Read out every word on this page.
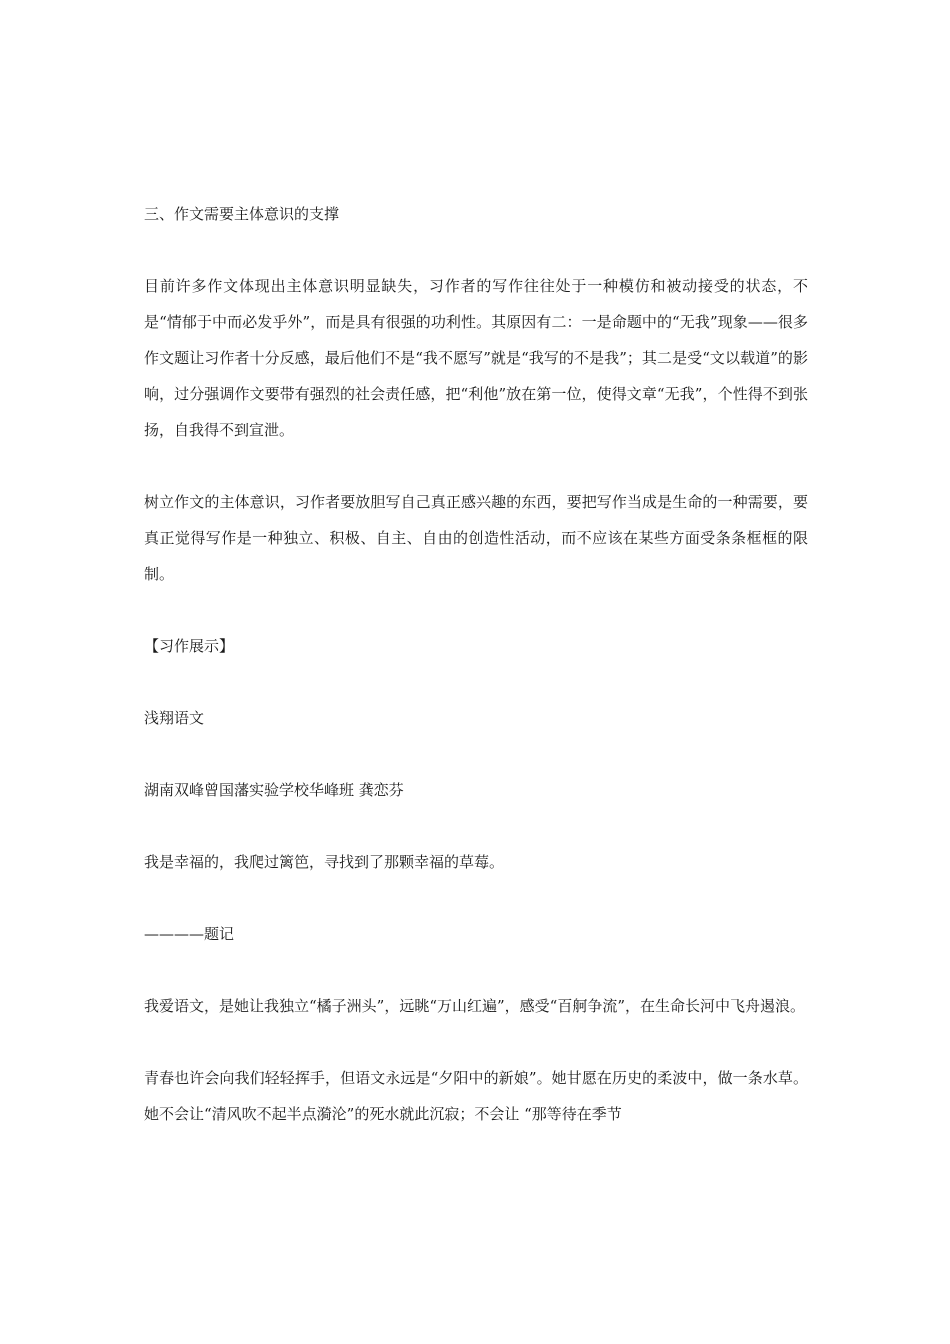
三、作文需要主体意识的支撑

目前许多作文体现出主体意识明显缺失，习作者的写作往往处于一种模仿和被动接受的状态，不是“情郁于中而必发乎外”，而是具有很强的功利性。其原因有二：一是命题中的“无我”现象——很多作文题让习作者十分反感，最后他们不是“我不愿写”就是“我写的不是我”；其二是受“文以载道”的影响，过分强调作文要带有强烈的社会责任感，把“利他”放在第一位，使得文章“无我”，个性得不到张扬，自我得不到宣泄。

树立作文的主体意识，习作者要放胆写自己真正感兴趣的东西，要把写作当成是生命的一种需要，要真正觉得写作是一种独立、积极、自主、自由的创造性活动，而不应该在某些方面受条条框框的限制。

【习作展示】

浅翔语文

湖南双峰曾国藩实验学校华峰班 龚恋芬

我是幸福的，我爬过篱笆，寻找到了那颗幸福的草莓。

————题记

我爱语文，是她让我独立“橘子洲头”，远眺“万山红遍”，感受“百舸争流”，在生命长河中飞舟遏浪。

青春也许会向我们轻轻挥手，但语文永远是“夕阳中的新娘”。她甘愿在历史的柔波中，做一条水草。她不会让“清风吹不起半点漪沦”的死水就此沉寂；不会让 “那等待在季节
